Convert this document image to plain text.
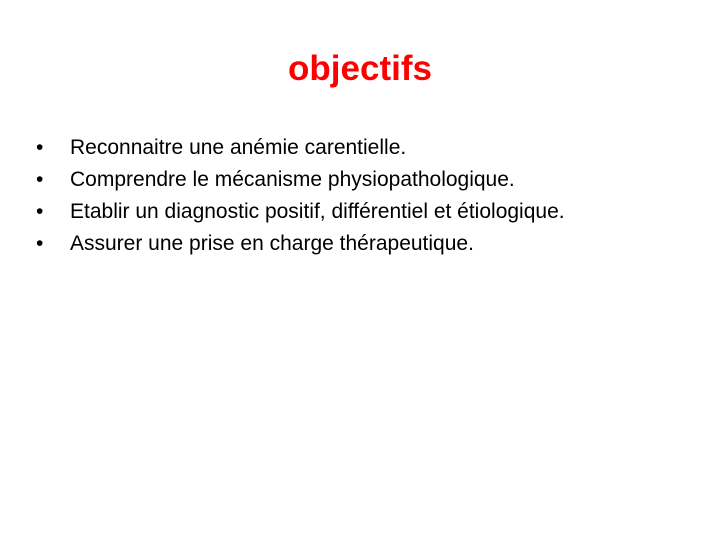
objectifs
•	Reconnaitre une anémie carentielle.
•	Comprendre le mécanisme physiopathologique.
•	Etablir un diagnostic positif, différentiel et étiologique.
•	Assurer une prise en charge thérapeutique.
